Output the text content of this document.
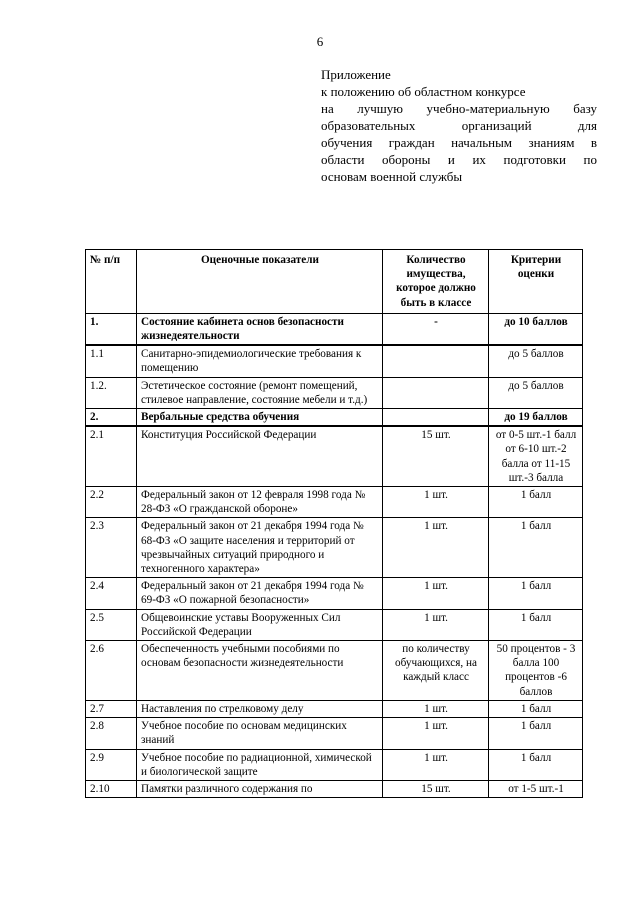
6
Приложение
к положению об областном конкурсе
на лучшую учебно-материальную базу
образовательных организаций для
обучения граждан начальным знаниям в
области обороны и их подготовки по
основам военной службы
№ п/п	Оценочные показатели	Количество имущества, которое должно быть в классе	Критерии оценки
1.	Состояние кабинета основ безопасности жизнедеятельности	-	до 10 баллов
1.1	Санитарно-эпидемиологические требования к помещению		до 5 баллов
1.2.	Эстетическое состояние (ремонт помещений, стилевое направление, состояние мебели и т.д.)		до 5 баллов
2.	Вербальные средства обучения		до 19 баллов
2.1	Конституция Российской Федерации	15 шт.	от 0-5 шт.-1 балл от 6-10 шт.-2 балла от 11-15 шт.-3 балла
2.2	Федеральный закон от 12 февраля 1998 года № 28-ФЗ «О гражданской обороне»	1 шт.	1 балл
2.3	Федеральный закон от 21 декабря 1994 года № 68-ФЗ «О защите населения и территорий от чрезвычайных ситуаций природного и техногенного характера»	1 шт.	1 балл
2.4	Федеральный закон от 21 декабря 1994 года № 69-ФЗ «О пожарной безопасности»	1 шт.	1 балл
2.5	Общевоинские уставы Вооруженных Сил Российской Федерации	1 шт.	1 балл
2.6	Обеспеченность учебными пособиями по основам безопасности жизнедеятельности	по количеству обучающихся, на каждый класс	50 процентов - 3 балла 100 процентов -6 баллов
2.7	Наставления по стрелковому делу	1 шт.	1 балл
2.8	Учебное пособие по основам медицинских знаний	1 шт.	1 балл
2.9	Учебное пособие по радиационной, химической и биологической защите	1 шт.	1 балл
2.10	Памятки различного содержания по	15 шт.	от 1-5 шт.-1
